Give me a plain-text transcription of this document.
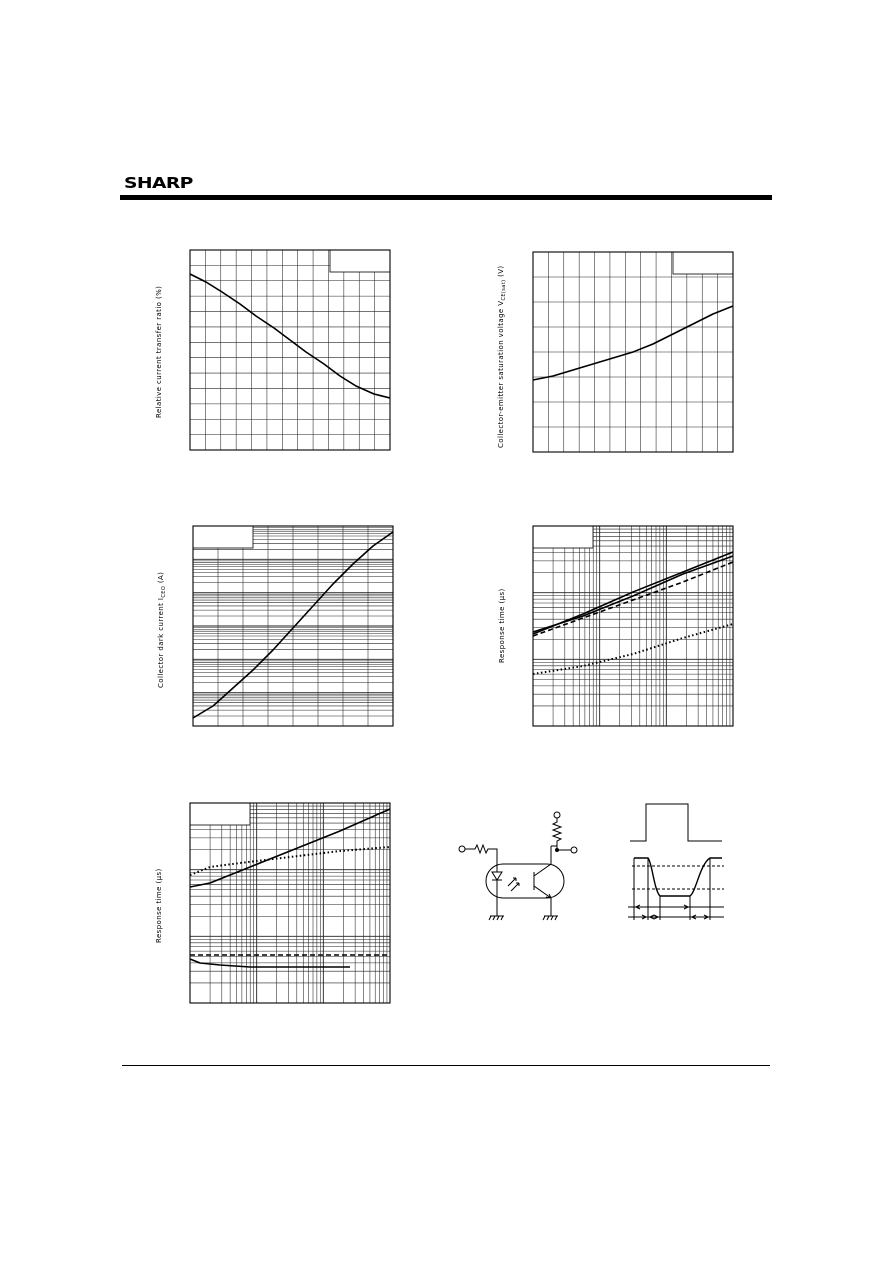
SHARP
Relative current transfer ratio (%)	Collector-emitter saturation voltage $V_{CE(sat)}$ (V)
Collector dark current $I_{CEO}$ (A)
Response time (μs)
Response time (μs)
